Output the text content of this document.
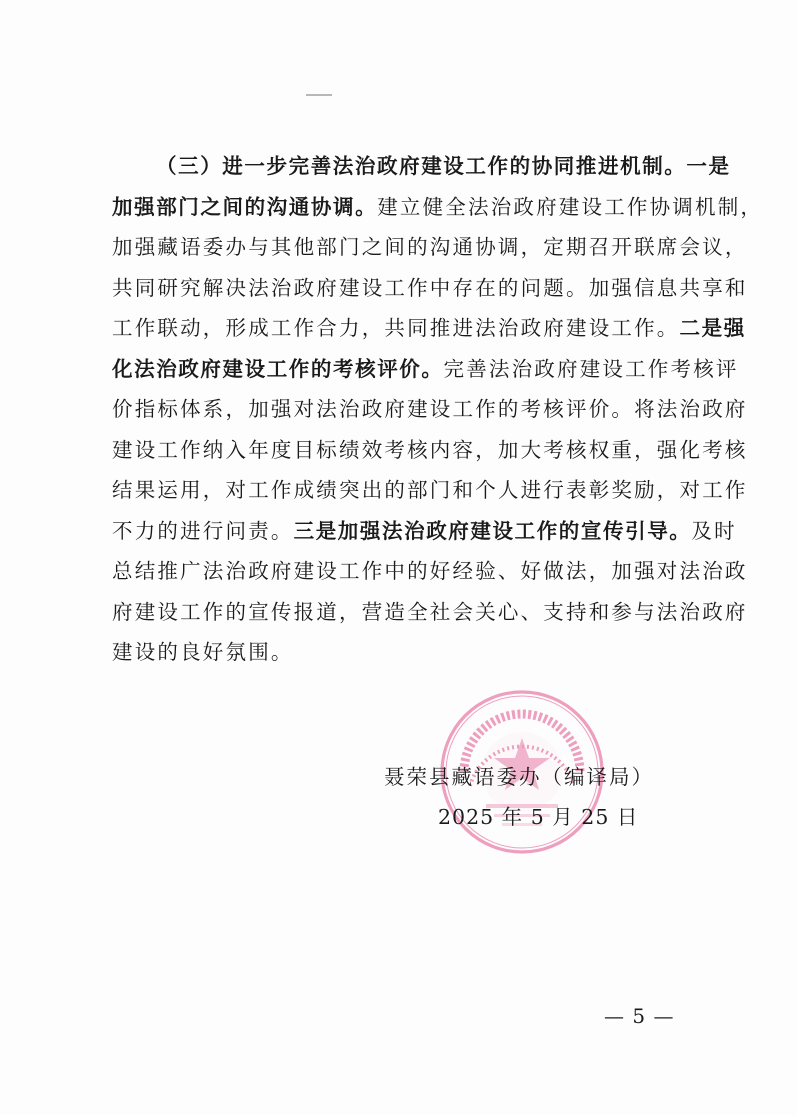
（三）进一步完善法治政府建设工作的协同推进机制。一是
加强部门之间的沟通协调。建立健全法治政府建设工作协调机制，
加强藏语委办与其他部门之间的沟通协调，定期召开联席会议，
共同研究解决法治政府建设工作中存在的问题。加强信息共享和
工作联动，形成工作合力，共同推进法治政府建设工作。二是强
化法治政府建设工作的考核评价。完善法治政府建设工作考核评
价指标体系，加强对法治政府建设工作的考核评价。将法治政府
建设工作纳入年度目标绩效考核内容，加大考核权重，强化考核
结果运用，对工作成绩突出的部门和个人进行表彰奖励，对工作
不力的进行问责。三是加强法治政府建设工作的宣传引导。及时
总结推广法治政府建设工作中的好经验、好做法，加强对法治政
府建设工作的宣传报道，营造全社会关心、支持和参与法治政府
建设的良好氛围。

聂荣县藏语委办（编译局）

2025 年 5 月 25 日

— 5 —
